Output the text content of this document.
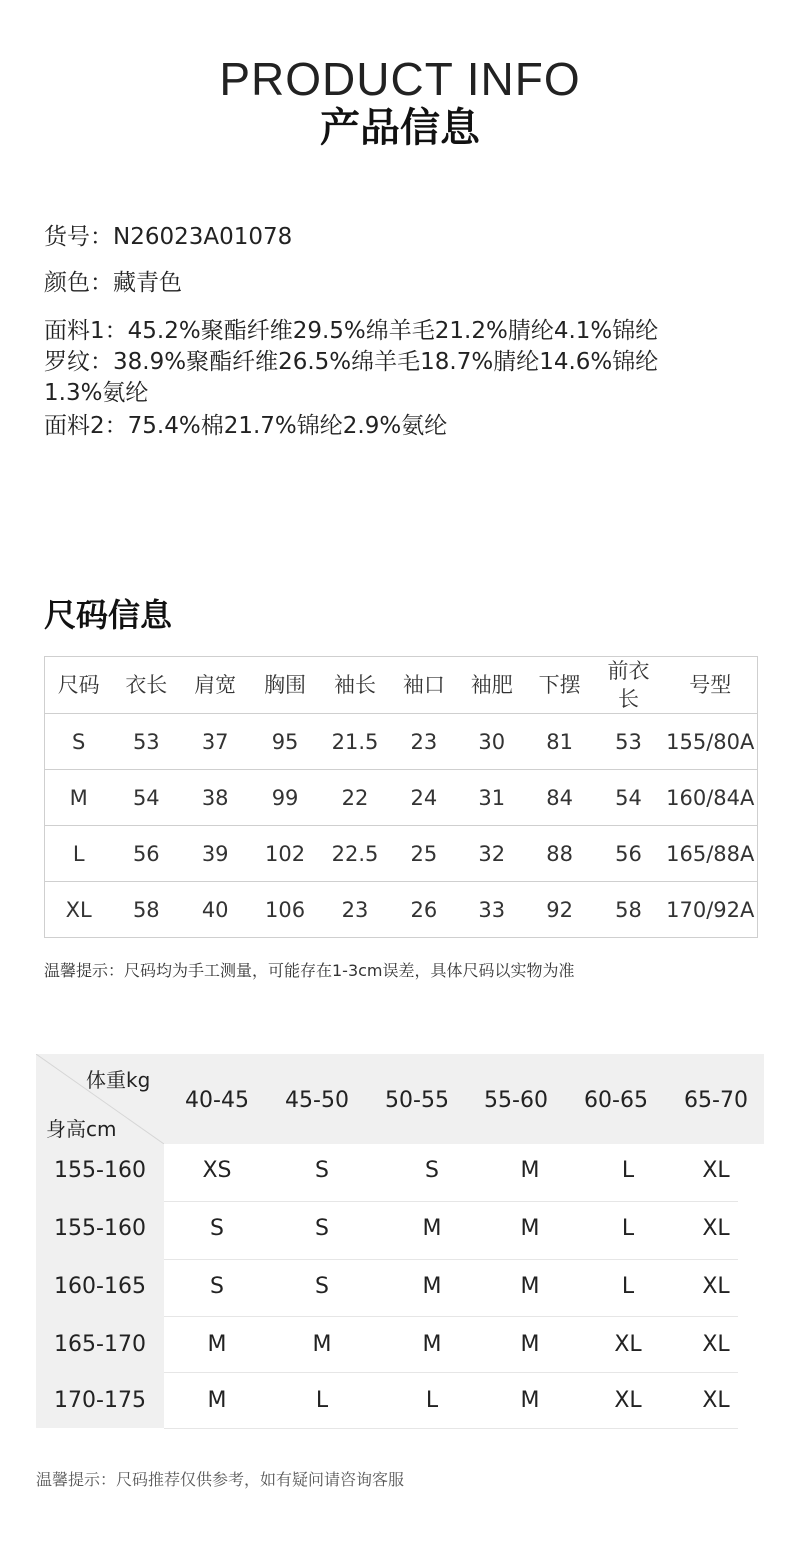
PRODUCT INFO
产品信息
货号：N26023A01078
颜色：藏青色
面料1：45.2%聚酯纤维29.5%绵羊毛21.2%腈纶4.1%锦纶
罗纹：38.9%聚酯纤维26.5%绵羊毛18.7%腈纶14.6%锦纶
1.3%氨纶
面料2：75.4%棉21.7%锦纶2.9%氨纶
尺码信息
尺码	衣长	肩宽	胸围	袖长	袖口	袖肥	下摆	前衣长	号型
S	53	37	95	21.5	23	30	81	53	155/80A
M	54	38	99	22	24	31	84	54	160/84A
L	56	39	102	22.5	25	32	88	56	165/88A
XL	58	40	106	23	26	33	92	58	170/92A
温馨提示：尺码均为手工测量，可能存在1-3cm误差，具体尺码以实物为准
体重kg
身高cm
40-45	45-50	50-55	55-60	60-65	65-70
155-160	XS	S	S	M	L	XL
155-160	S	S	M	M	L	XL
160-165	S	S	M	M	L	XL
165-170	M	M	M	M	XL	XL
170-175	M	L	L	M	XL	XL
温馨提示：尺码推荐仅供参考，如有疑问请咨询客服
